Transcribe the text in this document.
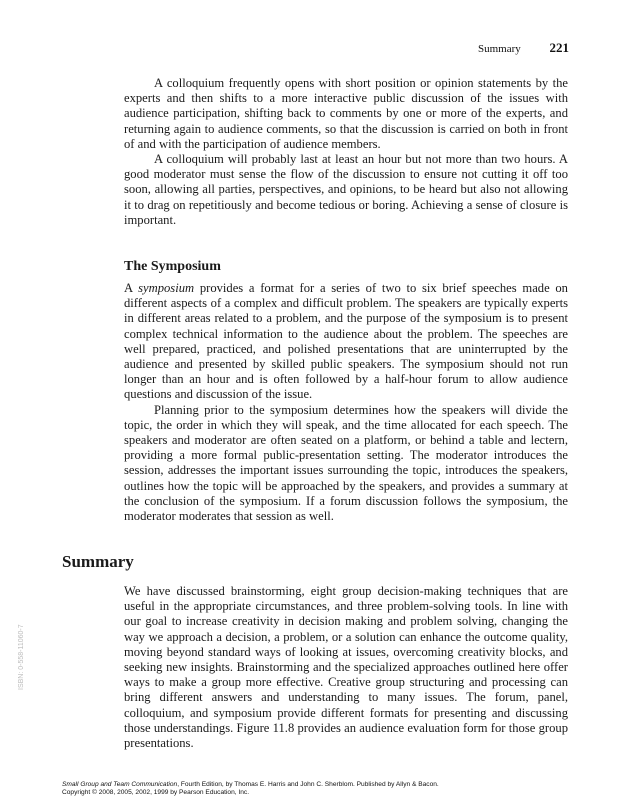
Summary 221

A colloquium frequently opens with short position or opinion statements by the experts and then shifts to a more interactive public discussion of the issues with audience participation, shifting back to comments by one or more of the experts, and returning again to audience comments, so that the discussion is carried on both in front of and with the participation of audience members.

A colloquium will probably last at least an hour but not more than two hours. A good moderator must sense the flow of the discussion to ensure not cutting it off too soon, allowing all parties, perspectives, and opinions, to be heard but also not allowing it to drag on repetitiously and become tedious or boring. Achieving a sense of closure is important.

The Symposium

A symposium provides a format for a series of two to six brief speeches made on different aspects of a complex and difficult problem. The speakers are typically experts in different areas related to a problem, and the purpose of the symposium is to present complex technical information to the audience about the problem. The speeches are well prepared, practiced, and polished presentations that are uninterrupted by the audience and presented by skilled public speakers. The symposium should not run longer than an hour and is often followed by a half-hour forum to allow audience questions and discussion of the issue.

Planning prior to the symposium determines how the speakers will divide the topic, the order in which they will speak, and the time allocated for each speech. The speakers and moderator are often seated on a platform, or behind a table and lectern, providing a more formal public-presentation setting. The moderator introduces the session, addresses the important issues surrounding the topic, introduces the speakers, outlines how the topic will be approached by the speakers, and provides a summary at the conclusion of the symposium. If a forum discussion follows the symposium, the moderator moderates that session as well.

Summary

We have discussed brainstorming, eight group decision-making techniques that are useful in the appropriate circumstances, and three problem-solving tools. In line with our goal to increase creativity in decision making and problem solving, changing the way we approach a decision, a problem, or a solution can enhance the outcome quality, moving beyond standard ways of looking at issues, overcoming creativity blocks, and seeking new insights. Brainstorming and the specialized approaches outlined here offer ways to make a group more effective. Creative group structuring and processing can bring different answers and understanding to many issues. The forum, panel, colloquium, and symposium provide different formats for presenting and discussing those understandings. Figure 11.8 provides an audience evaluation form for those group presentations.

ISBN: 0-558-11060-7
Small Group and Team Communication, Fourth Edition, by Thomas E. Harris and John C. Sherblom. Published by Allyn & Bacon.
Copyright © 2008, 2005, 2002, 1999 by Pearson Education, Inc.
